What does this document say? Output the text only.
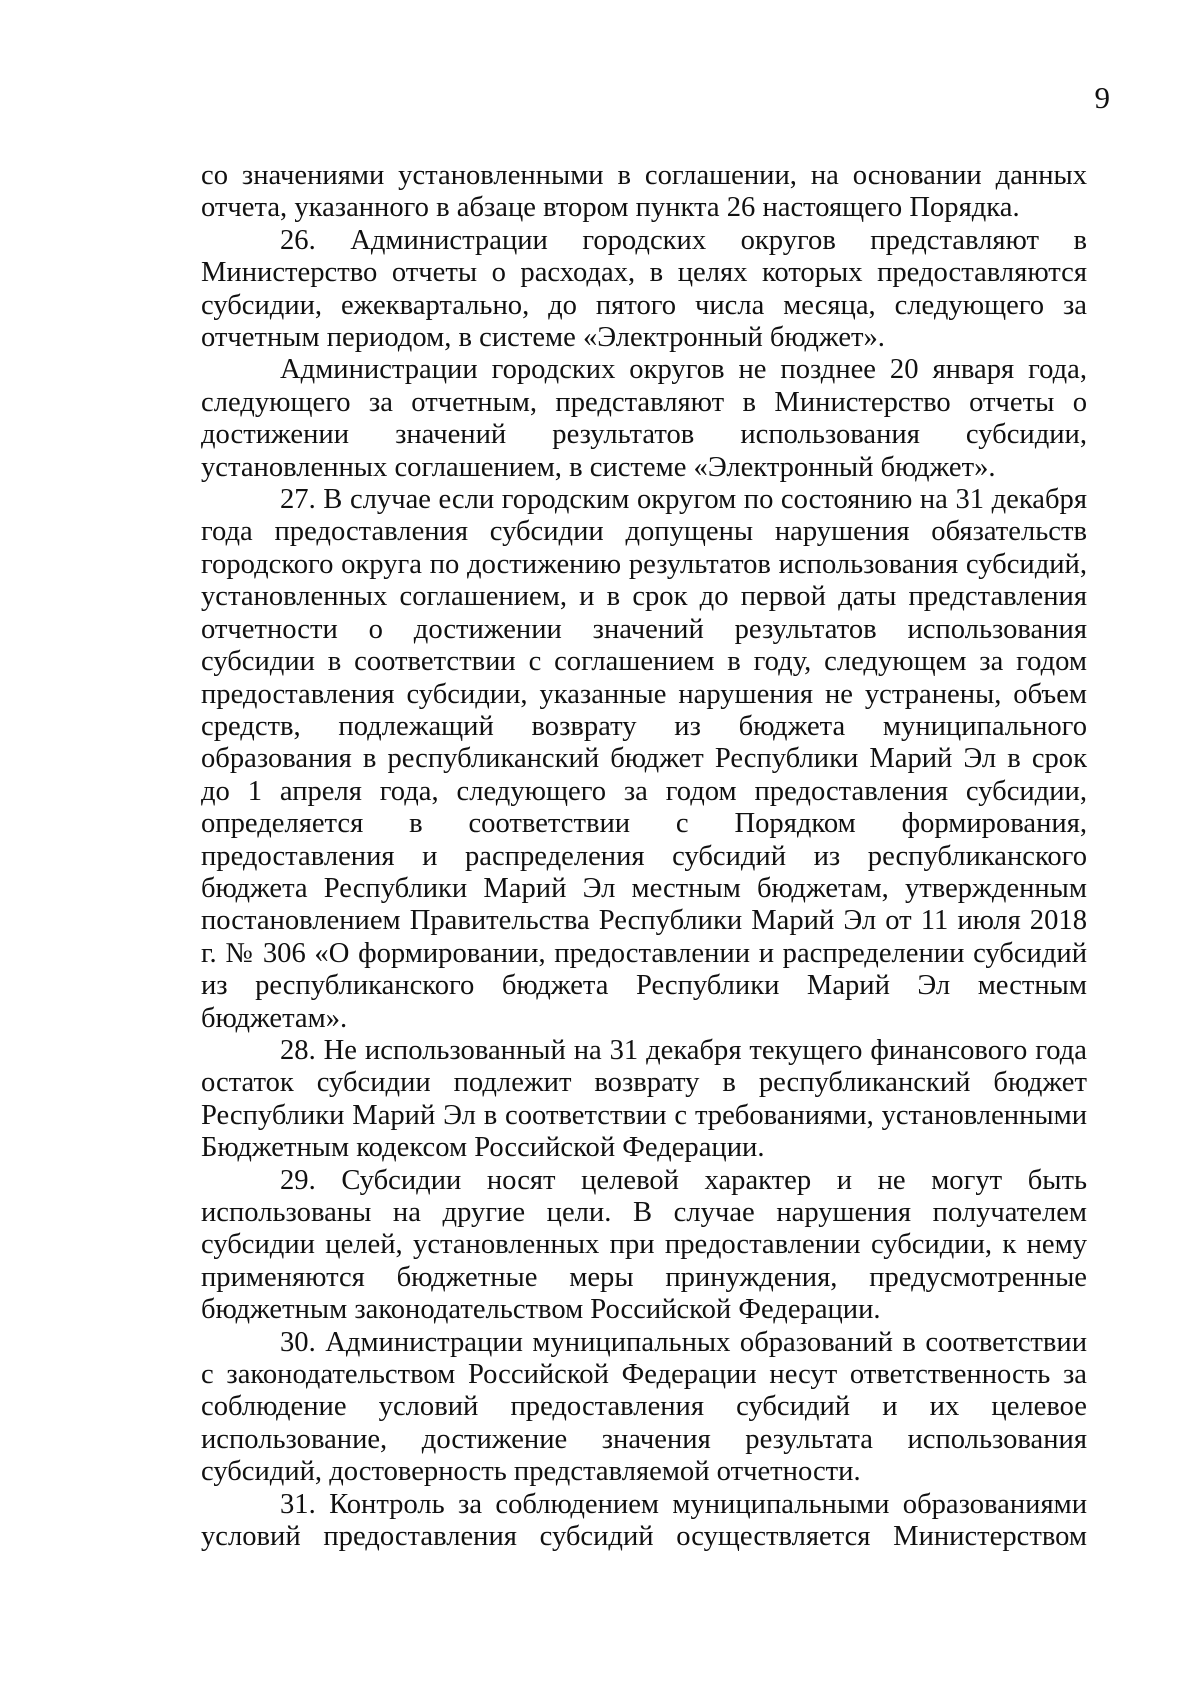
9

со значениями установленными в соглашении, на основании данных отчета, указанного в абзаце втором пункта 26 настоящего Порядка.

26. Администрации городских округов представляют в Министерство отчеты о расходах, в целях которых предоставляются субсидии, ежеквартально, до пятого числа месяца, следующего за отчетным периодом, в системе «Электронный бюджет».

Администрации городских округов не позднее 20 января года, следующего за отчетным, представляют в Министерство отчеты о достижении значений результатов использования субсидии, установленных соглашением, в системе «Электронный бюджет».

27. В случае если городским округом по состоянию на 31 декабря года предоставления субсидии допущены нарушения обязательств городского округа по достижению результатов использования субсидий, установленных соглашением, и в срок до первой даты представления отчетности о достижении значений результатов использования субсидии в соответствии с соглашением в году, следующем за годом предоставления субсидии, указанные нарушения не устранены, объем средств, подлежащий возврату из бюджета муниципального образования в республиканский бюджет Республики Марий Эл в срок до 1 апреля года, следующего за годом предоставления субсидии, определяется в соответствии с Порядком формирования, предоставления и распределения субсидий из республиканского бюджета Республики Марий Эл местным бюджетам, утвержденным постановлением Правительства Республики Марий Эл от 11 июля 2018 г. № 306 «О формировании, предоставлении и распределении субсидий из республиканского бюджета Республики Марий Эл местным бюджетам».

28. Не использованный на 31 декабря текущего финансового года остаток субсидии подлежит возврату в республиканский бюджет Республики Марий Эл в соответствии с требованиями, установленными Бюджетным кодексом Российской Федерации.

29. Субсидии носят целевой характер и не могут быть использованы на другие цели. В случае нарушения получателем субсидии целей, установленных при предоставлении субсидии, к нему применяются бюджетные меры принуждения, предусмотренные бюджетным законодательством Российской Федерации.

30. Администрации муниципальных образований в соответствии с законодательством Российской Федерации несут ответственность за соблюдение условий предоставления субсидий и их целевое использование, достижение значения результата использования субсидий, достоверность представляемой отчетности.

31. Контроль за соблюдением муниципальными образованиями условий предоставления субсидий осуществляется Министерством
